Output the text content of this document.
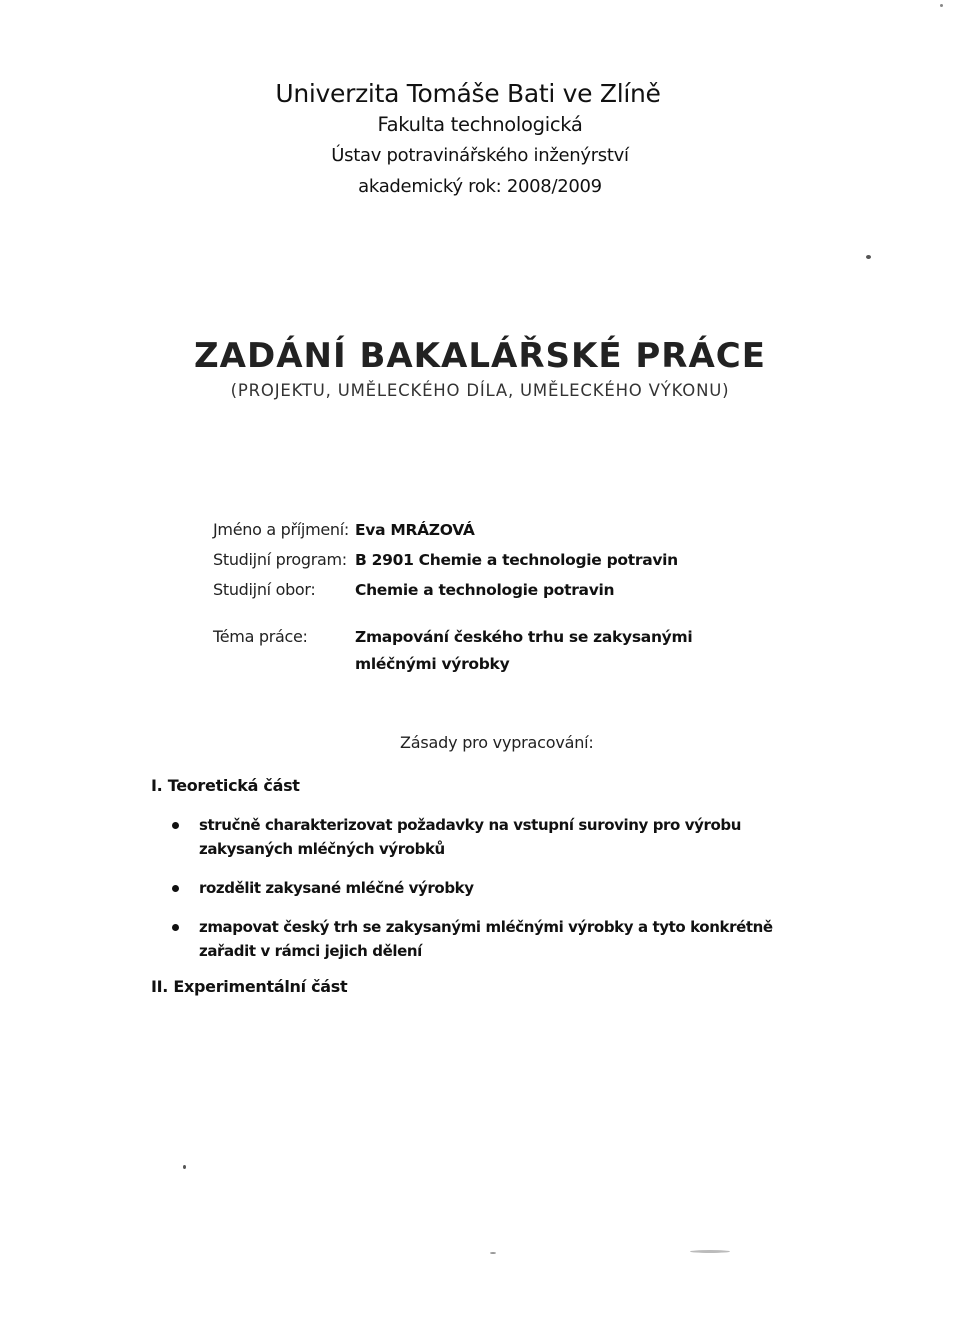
Univerzita Tomáše Bati ve Zlíně
Fakulta technologická
Ústav potravinářského inženýrství
akademický rok: 2008/2009
ZADÁNÍ BAKALÁŘSKÉ PRÁCE
(PROJEKTU, UMĚLECKÉHO DÍLA, UMĚLECKÉHO VÝKONU)
Jméno a příjmení: Eva MRÁZOVÁ
Studijní program: B 2901 Chemie a technologie potravin
Studijní obor:	Chemie a technologie potravin
Téma práce:	Zmapování českého trhu se zakysanými mléčnými výrobky
Zásady pro vypracování:
I. Teoretická část
stručně charakterizovat požadavky na vstupní suroviny pro výrobu zakysaných mléčných výrobků
rozdělit zakysané mléčné výrobky
zmapovat český trh se zakysanými mléčnými výrobky a tyto konkrétně zařadit v rámci jejich dělení
II. Experimentální část
